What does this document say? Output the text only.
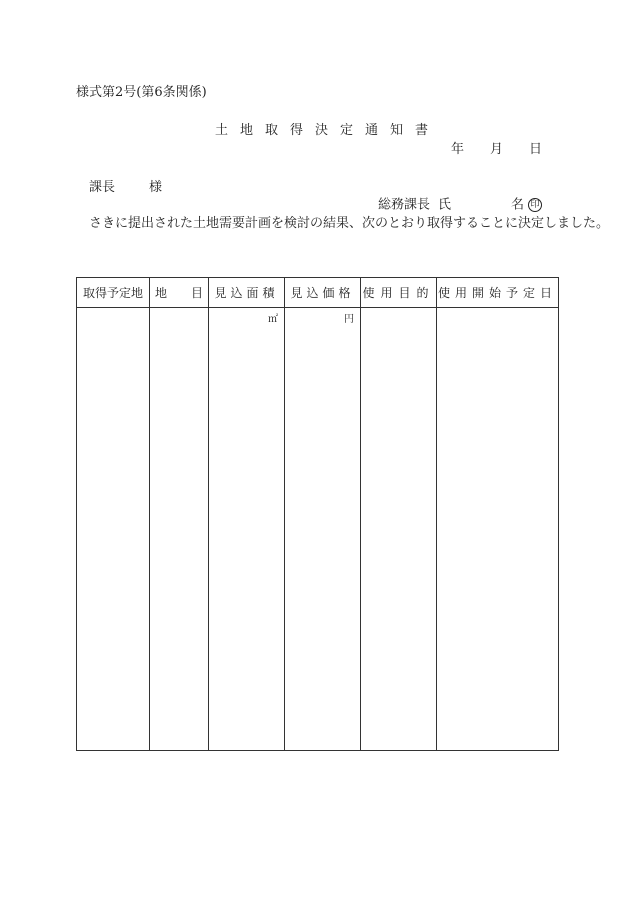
様式第2号(第6条関係)
土地取得決定通知書
年 月 日
課長	様
総務課長 氏	名 印
さきに提出された土地需要計画を検討の結果、次のとおり取得することに決定しました。
取得予定地	地　　目	見込面積	見込価格	使用目的	使用開始予定日

		㎡	円		
